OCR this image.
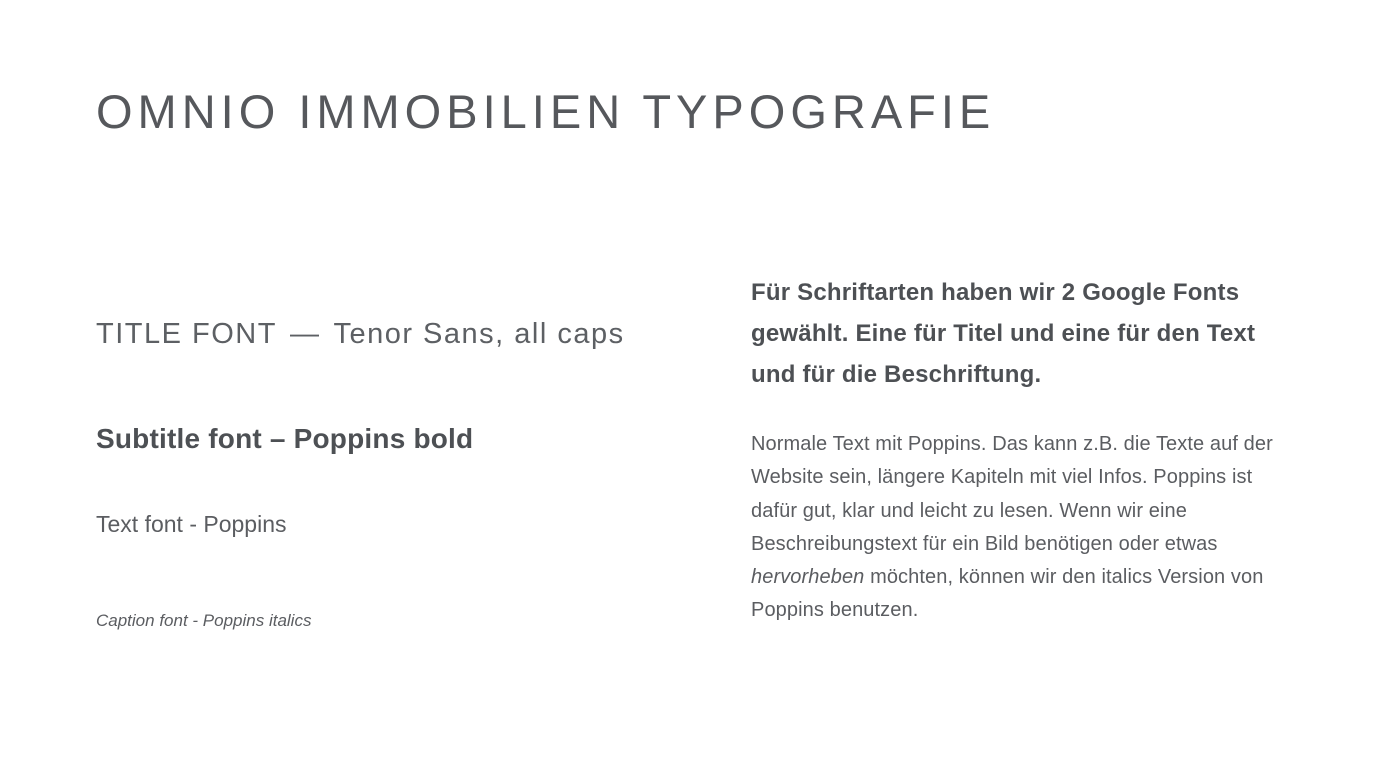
OMNIO IMMOBILIEN TYPOGRAFIE
TITLE FONT — Tenor Sans, all caps
Subtitle font – Poppins bold
Text font - Poppins
Caption font - Poppins italics

Für Schriftarten haben wir 2 Google Fonts gewählt. Eine für Titel und eine für den Text und für die Beschriftung.

Normale Text mit Poppins. Das kann z.B. die Texte auf der Website sein, längere Kapiteln mit viel Infos. Poppins ist dafür gut, klar und leicht zu lesen. Wenn wir eine Beschreibungstext für ein Bild benötigen oder etwas hervorheben möchten, können wir den italics Version von Poppins benutzen.
